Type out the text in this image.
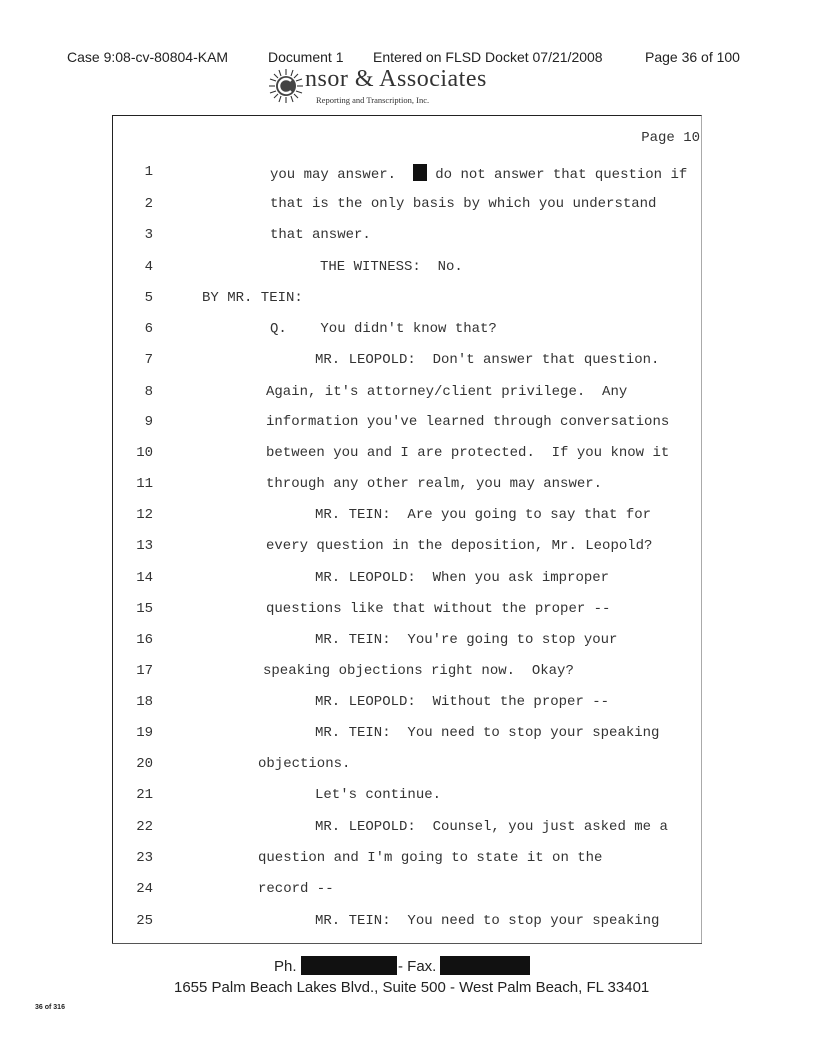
Case 9:08-cv-80804-KAM	Document 1 Entered on FLSD Docket 07/21/2008	Page 36 of 100
nsor & Associates
Reporting and Transcription, Inc.
Page 10
1	you may answer.	do not answer that question if
2	that is the only basis by which you understand
3	that answer.
4	THE WITNESS:  No.
5	BY MR. TEIN:
6	Q.    You didn't know that?
7	MR. LEOPOLD:  Don't answer that question.
8	Again, it's attorney/client privilege.  Any
9	information you've learned through conversations
10	between you and I are protected.  If you know it
11	through any other realm, you may answer.
12	MR. TEIN:  Are you going to say that for
13	every question in the deposition, Mr. Leopold?
14	MR. LEOPOLD:  When you ask improper
15	questions like that without the proper --
16	MR. TEIN:  You're going to stop your
17	speaking objections right now.  Okay?
18	MR. LEOPOLD:  Without the proper --
19	MR. TEIN:  You need to stop your speaking
20	objections.
21	Let's continue.
22	MR. LEOPOLD:  Counsel, you just asked me a
23	question and I'm going to state it on the
24	record --
25	MR. TEIN:  You need to stop your speaking
Ph.	- Fax.
1655 Palm Beach Lakes Blvd., Suite 500 - West Palm Beach, FL 33401
36 of 316
